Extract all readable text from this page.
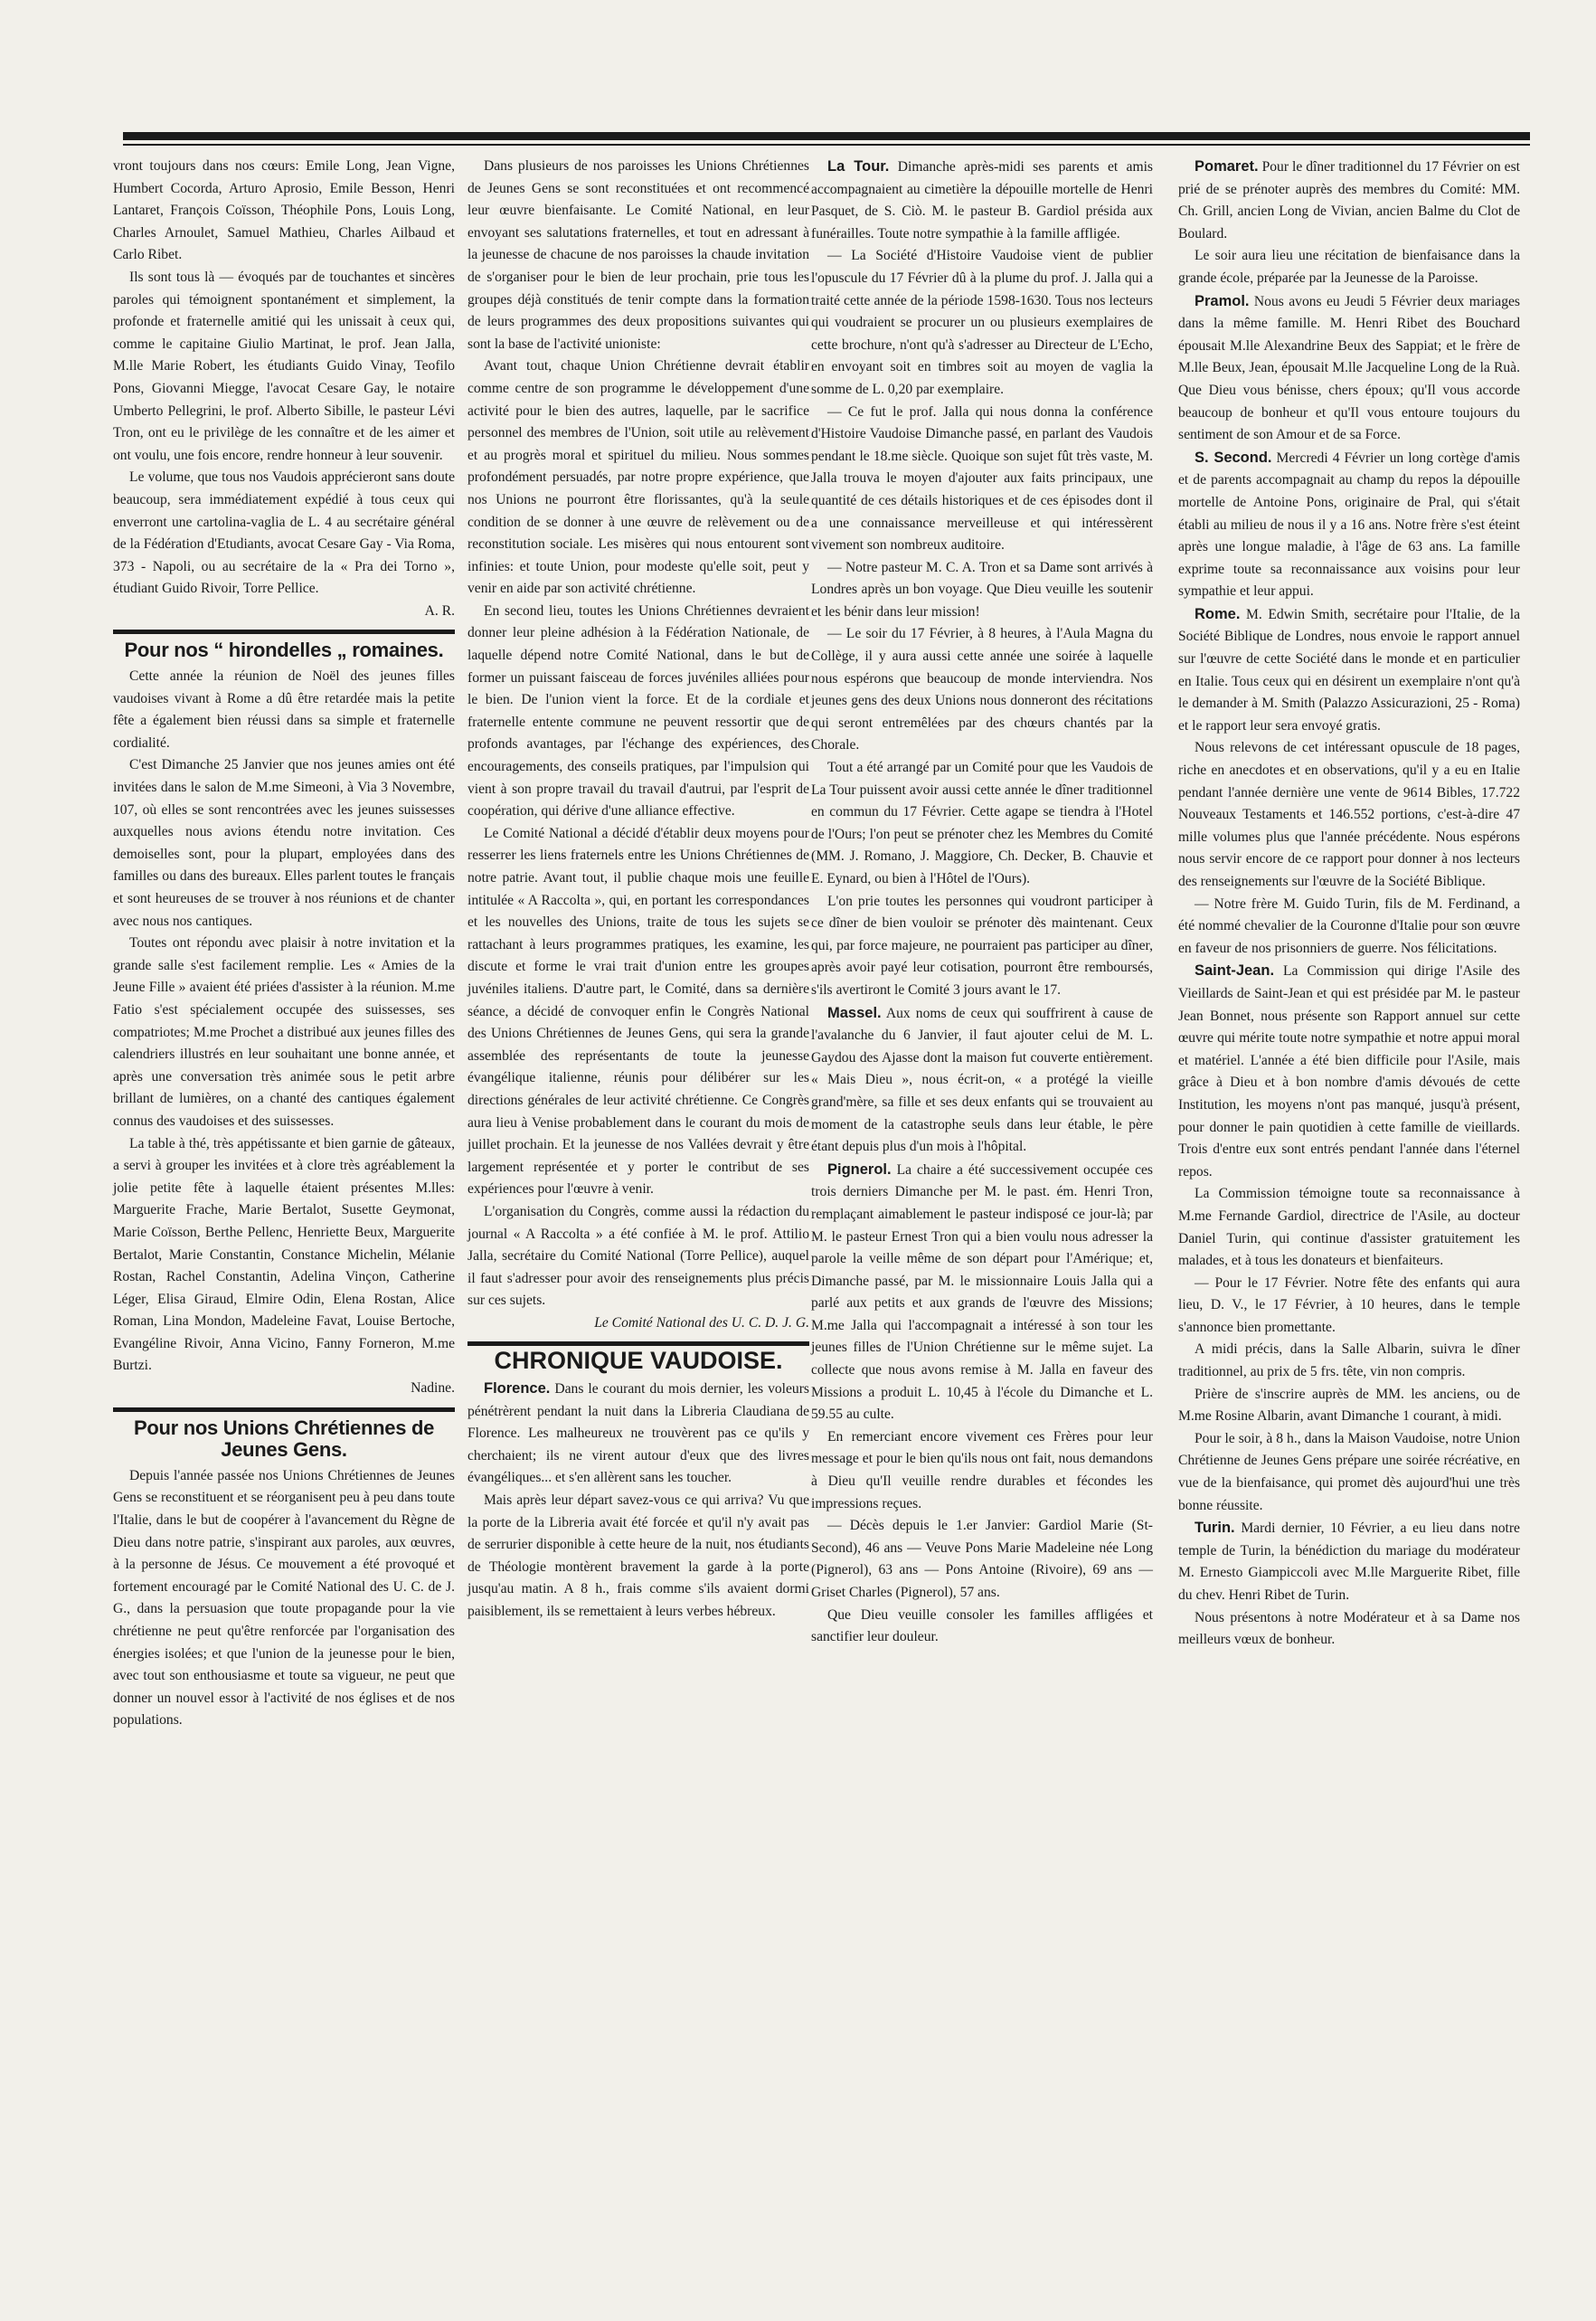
vront toujours dans nos cœurs: Emile Long, Jean Vigne, Humbert Cocorda, Arturo Aprosio, Emile Besson, Henri Lantaret, François Coïsson, Théophile Pons, Louis Long, Charles Arnoulet, Samuel Mathieu, Charles Ailbaud et Carlo Ribet.

Ils sont tous là — évoqués par de touchantes et sincères paroles qui témoignent spontanément et simplement, la profonde et fraternelle amitié qui les unissait à ceux qui, comme le capitaine Giulio Martinat, le prof. Jean Jalla, M.lle Marie Robert, les étudiants Guido Vinay, Teofilo Pons, Giovanni Miegge, l'avocat Cesare Gay, le notaire Umberto Pellegrini, le prof. Alberto Sibille, le pasteur Lévi Tron, ont eu le privilège de les connaître et de les aimer et ont voulu, une fois encore, rendre honneur à leur souvenir.

Le volume, que tous nos Vaudois apprécieront sans doute beaucoup, sera immédiatement expédié à tous ceux qui enverront une cartolina-vaglia de L. 4 au secrétaire général de la Fédération d'Etudiants, avocat Cesare Gay - Via Roma, 373 - Napoli, ou au secrétaire de la « Pra dei Torno », étudiant Guido Rivoir, Torre Pellice.

A. R.

Pour nos “ hirondelles „ romaines.

Cette année la réunion de Noël des jeunes filles vaudoises vivant à Rome a dû être retardée mais la petite fête a également bien réussi dans sa simple et fraternelle cordialité.

C'est Dimanche 25 Janvier que nos jeunes amies ont été invitées dans le salon de M.me Simeoni, à Via 3 Novembre, 107, où elles se sont rencontrées avec les jeunes suissesses auxquelles nous avions étendu notre invitation. Ces demoiselles sont, pour la plupart, employées dans des familles ou dans des bureaux. Elles parlent toutes le français et sont heureuses de se trouver à nos réunions et de chanter avec nous nos cantiques.

Toutes ont répondu avec plaisir à notre invitation et la grande salle s'est facilement remplie. Les « Amies de la Jeune Fille » avaient été priées d'assister à la réunion. M.me Fatio s'est spécialement occupée des suissesses, ses compatriotes; M.me Prochet a distribué aux jeunes filles des calendriers illustrés en leur souhaitant une bonne année, et après une conversation très animée sous le petit arbre brillant de lumières, on a chanté des cantiques également connus des vaudoises et des suissesses.

La table à thé, très appétissante et bien garnie de gâteaux, a servi à grouper les invitées et à clore très agréablement la jolie petite fête à laquelle étaient présentes M.lles: Marguerite Frache, Marie Bertalot, Susette Geymonat, Marie Coïsson, Berthe Pellenc, Henriette Beux, Marguerite Bertalot, Marie Constantin, Constance Michelin, Mélanie Rostan, Rachel Constantin, Adelina Vinçon, Catherine Léger, Elisa Giraud, Elmire Odin, Elena Rostan, Alice Roman, Lina Mondon, Madeleine Favat, Louise Bertoche, Evangéline Rivoir, Anna Vicino, Fanny Forneron, M.me Burtzi.

Nadine.

Pour nos Unions Chrétiennes de Jeunes Gens.

Depuis l'année passée nos Unions Chrétiennes de Jeunes Gens se reconstituent et se réorganisent peu à peu dans toute l'Italie, dans le but de coopérer à l'avancement du Règne de Dieu dans notre patrie, s'inspirant aux paroles, aux œuvres, à la personne de Jésus. Ce mouvement a été provoqué et fortement encouragé par le Comité National des U. C. de J. G., dans la persuasion que toute propagande pour la vie chrétienne ne peut qu'être renforcée par l'organisation des énergies isolées; et que l'union de la jeunesse pour le bien, avec tout son enthousiasme et toute sa vigueur, ne peut que donner un nouvel essor à l'activité de nos églises et de nos populations.

Dans plusieurs de nos paroisses les Unions Chrétiennes de Jeunes Gens se sont reconstituées et ont recommencé leur œuvre bienfaisante. Le Comité National, en leur envoyant ses salutations fraternelles, et tout en adressant à la jeunesse de chacune de nos paroisses la chaude invitation de s'organiser pour le bien de leur prochain, prie tous les groupes déjà constitués de tenir compte dans la formation de leurs programmes des deux propositions suivantes qui sont la base de l'activité unioniste:

Avant tout, chaque Union Chrétienne devrait établir comme centre de son programme le développement d'une activité pour le bien des autres, laquelle, par le sacrifice personnel des membres de l'Union, soit utile au relèvement et au progrès moral et spirituel du milieu. Nous sommes profondément persuadés, par notre propre expérience, que nos Unions ne pourront être florissantes, qu'à la seule condition de se donner à une œuvre de relèvement ou de reconstitution sociale. Les misères qui nous entourent sont infinies: et toute Union, pour modeste qu'elle soit, peut y venir en aide par son activité chrétienne.

En second lieu, toutes les Unions Chrétiennes devraient donner leur pleine adhésion à la Fédération Nationale, de laquelle dépend notre Comité National, dans le but de former un puissant faisceau de forces juvéniles alliées pour le bien. De l'union vient la force. Et de la cordiale et fraternelle entente commune ne peuvent ressortir que de profonds avantages, par l'échange des expériences, des encouragements, des conseils pratiques, par l'impulsion qui vient à son propre travail du travail d'autrui, par l'esprit de coopération, qui dérive d'une alliance effective.

Le Comité National a décidé d'établir deux moyens pour resserrer les liens fraternels entre les Unions Chrétiennes de notre patrie. Avant tout, il publie chaque mois une feuille intitulée « A Raccolta », qui, en portant les correspondances et les nouvelles des Unions, traite de tous les sujets se rattachant à leurs programmes pratiques, les examine, les discute et forme le vrai trait d'union entre les groupes juvéniles italiens. D'autre part, le Comité, dans sa dernière séance, a décidé de convoquer enfin le Congrès National des Unions Chrétiennes de Jeunes Gens, qui sera la grande assemblée des représentants de toute la jeunesse évangélique italienne, réunis pour délibérer sur les directions générales de leur activité chrétienne. Ce Congrès aura lieu à Venise probablement dans le courant du mois de juillet prochain. Et la jeunesse de nos Vallées devrait y être largement représentée et y porter le contribut de ses expériences pour l'œuvre à venir.

L'organisation du Congrès, comme aussi la rédaction du journal « A Raccolta » a été confiée à M. le prof. Attilio Jalla, secrétaire du Comité National (Torre Pellice), auquel il faut s'adresser pour avoir des renseignements plus précis sur ces sujets.

Le Comité National des U. C. D. J. G.

CHRONIQUE VAUDOISE.

Florence. Dans le courant du mois dernier, les voleurs pénétrèrent pendant la nuit dans la Libreria Claudiana de Florence. Les malheureux ne trouvèrent pas ce qu'ils y cherchaient; ils ne virent autour d'eux que des livres évangéliques... et s'en allèrent sans les toucher.

Mais après leur départ savez-vous ce qui arriva? Vu que la porte de la Libreria avait été forcée et qu'il n'y avait pas de serrurier disponible à cette heure de la nuit, nos étudiants de Théologie montèrent bravement la garde à la porte jusqu'au matin. A 8 h., frais comme s'ils avaient dormi paisiblement, ils se remettaient à leurs verbes hébreux.

La Tour. Dimanche après-midi ses parents et amis accompagnaient au cimetière la dépouille mortelle de Henri Pasquet, de S. Ciò. M. le pasteur B. Gardiol présida aux funérailles. Toute notre sympathie à la famille affligée.

— La Société d'Histoire Vaudoise vient de publier l'opuscule du 17 Février dû à la plume du prof. J. Jalla qui a traité cette année de la période 1598-1630. Tous nos lecteurs qui voudraient se procurer un ou plusieurs exemplaires de cette brochure, n'ont qu'à s'adresser au Directeur de L'Echo, en envoyant soit en timbres soit au moyen de vaglia la somme de L. 0,20 par exemplaire.

— Ce fut le prof. Jalla qui nous donna la conférence d'Histoire Vaudoise Dimanche passé, en parlant des Vaudois pendant le 18.me siècle. Quoique son sujet fût très vaste, M. Jalla trouva le moyen d'ajouter aux faits principaux, une quantité de ces détails historiques et de ces épisodes dont il a une connaissance merveilleuse et qui intéressèrent vivement son nombreux auditoire.

— Notre pasteur M. C. A. Tron et sa Dame sont arrivés à Londres après un bon voyage. Que Dieu veuille les soutenir et les bénir dans leur mission!

— Le soir du 17 Février, à 8 heures, à l'Aula Magna du Collège, il y aura aussi cette année une soirée à laquelle nous espérons que beaucoup de monde interviendra. Nos jeunes gens des deux Unions nous donneront des récitations qui seront entremêlées par des chœurs chantés par la Chorale.

Tout a été arrangé par un Comité pour que les Vaudois de La Tour puissent avoir aussi cette année le dîner traditionnel en commun du 17 Février. Cette agape se tiendra à l'Hotel de l'Ours; l'on peut se prénoter chez les Membres du Comité (MM. J. Romano, J. Maggiore, Ch. Decker, B. Chauvie et E. Eynard, ou bien à l'Hôtel de l'Ours).

L'on prie toutes les personnes qui voudront participer à ce dîner de bien vouloir se prénoter dès maintenant. Ceux qui, par force majeure, ne pourraient pas participer au dîner, après avoir payé leur cotisation, pourront être remboursés, s'ils avertiront le Comité 3 jours avant le 17.

Massel. Aux noms de ceux qui souffrirent à cause de l'avalanche du 6 Janvier, il faut ajouter celui de M. L. Gaydou des Ajasse dont la maison fut couverte entièrement. « Mais Dieu », nous écrit-on, « a protégé la vieille grand'mère, sa fille et ses deux enfants qui se trouvaient au moment de la catastrophe seuls dans leur étable, le père étant depuis plus d'un mois à l'hôpital.

Pignerol. La chaire a été successivement occupée ces trois derniers Dimanche per M. le past. ém. Henri Tron, remplaçant aimablement le pasteur indisposé ce jour-là; par M. le pasteur Ernest Tron qui a bien voulu nous adresser la parole la veille même de son départ pour l'Amérique; et, Dimanche passé, par M. le missionnaire Louis Jalla qui a parlé aux petits et aux grands de l'œuvre des Missions; M.me Jalla qui l'accompagnait a intéressé à son tour les jeunes filles de l'Union Chrétienne sur le même sujet. La collecte que nous avons remise à M. Jalla en faveur des Missions a produit L. 10,45 à l'école du Dimanche et L. 59.55 au culte.

En remerciant encore vivement ces Frères pour leur message et pour le bien qu'ils nous ont fait, nous demandons à Dieu qu'Il veuille rendre durables et fécondes les impressions reçues.

— Décès depuis le 1.er Janvier: Gardiol Marie (St-Second), 46 ans — Veuve Pons Marie Madeleine née Long (Pignerol), 63 ans — Pons Antoine (Rivoire), 69 ans — Griset Charles (Pignerol), 57 ans.

Que Dieu veuille consoler les familles affligées et sanctifier leur douleur.

Pomaret. Pour le dîner traditionnel du 17 Février on est prié de se prénoter auprès des membres du Comité: MM. Ch. Grill, ancien Long de Vivian, ancien Balme du Clot de Boulard.

Le soir aura lieu une récitation de bienfaisance dans la grande école, préparée par la Jeunesse de la Paroisse.

Pramol. Nous avons eu Jeudi 5 Février deux mariages dans la même famille. M. Henri Ribet des Bouchard épousait M.lle Alexandrine Beux des Sappiat; et le frère de M.lle Beux, Jean, épousait M.lle Jacqueline Long de la Ruà. Que Dieu vous bénisse, chers époux; qu'Il vous accorde beaucoup de bonheur et qu'Il vous entoure toujours du sentiment de son Amour et de sa Force.

S. Second. Mercredi 4 Février un long cortège d'amis et de parents accompagnait au champ du repos la dépouille mortelle de Antoine Pons, originaire de Pral, qui s'était établi au milieu de nous il y a 16 ans. Notre frère s'est éteint après une longue maladie, à l'âge de 63 ans. La famille exprime toute sa reconnaissance aux voisins pour leur sympathie et leur appui.

Rome. M. Edwin Smith, secrétaire pour l'Italie, de la Société Biblique de Londres, nous envoie le rapport annuel sur l'œuvre de cette Société dans le monde et en particulier en Italie. Tous ceux qui en désirent un exemplaire n'ont qu'à le demander à M. Smith (Palazzo Assicurazioni, 25 - Roma) et le rapport leur sera envoyé gratis.

Nous relevons de cet intéressant opuscule de 18 pages, riche en anecdotes et en observations, qu'il y a eu en Italie pendant l'année dernière une vente de 9614 Bibles, 17.722 Nouveaux Testaments et 146.552 portions, c'est-à-dire 47 mille volumes plus que l'année précédente. Nous espérons nous servir encore de ce rapport pour donner à nos lecteurs des renseignements sur l'œuvre de la Société Biblique.

— Notre frère M. Guido Turin, fils de M. Ferdinand, a été nommé chevalier de la Couronne d'Italie pour son œuvre en faveur de nos prisonniers de guerre. Nos félicitations.

Saint-Jean. La Commission qui dirige l'Asile des Vieillards de Saint-Jean et qui est présidée par M. le pasteur Jean Bonnet, nous présente son Rapport annuel sur cette œuvre qui mérite toute notre sympathie et notre appui moral et matériel. L'année a été bien difficile pour l'Asile, mais grâce à Dieu et à bon nombre d'amis dévoués de cette Institution, les moyens n'ont pas manqué, jusqu'à présent, pour donner le pain quotidien à cette famille de vieillards. Trois d'entre eux sont entrés pendant l'année dans l'éternel repos.

La Commission témoigne toute sa reconnaissance à M.me Fernande Gardiol, directrice de l'Asile, au docteur Daniel Turin, qui continue d'assister gratuitement les malades, et à tous les donateurs et bienfaiteurs.

— Pour le 17 Février. Notre fête des enfants qui aura lieu, D. V., le 17 Février, à 10 heures, dans le temple s'annonce bien promettante.

A midi précis, dans la Salle Albarin, suivra le dîner traditionnel, au prix de 5 frs. tête, vin non compris.

Prière de s'inscrire auprès de MM. les anciens, ou de M.me Rosine Albarin, avant Dimanche 1 courant, à midi.

Pour le soir, à 8 h., dans la Maison Vaudoise, notre Union Chrétienne de Jeunes Gens prépare une soirée récréative, en vue de la bienfaisance, qui promet dès aujourd'hui une très bonne réussite.

Turin. Mardi dernier, 10 Février, a eu lieu dans notre temple de Turin, la bénédiction du mariage du modérateur M. Ernesto Giampiccoli avec M.lle Marguerite Ribet, fille du chev. Henri Ribet de Turin.

Nous présentons à notre Modérateur et à sa Dame nos meilleurs vœux de bonheur.
